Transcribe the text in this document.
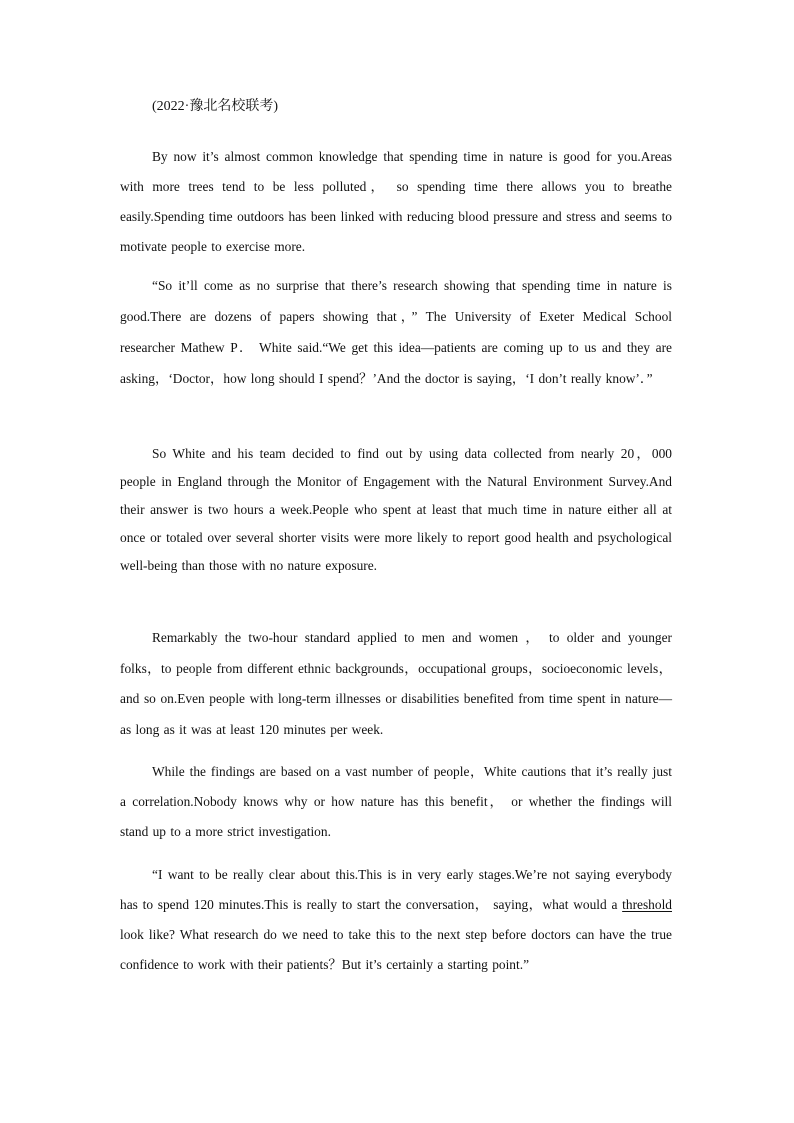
(2022·豫北名校联考)

By now it’s almost common knowledge that spending time in nature is good for you.Areas with more trees tend to be less polluted， so spending time there allows you to breathe easily.Spending time outdoors has been linked with reducing blood pressure and stress and seems to motivate people to exercise more.

“So it’ll come as no surprise that there’s research showing that spending time in nature is good.There are dozens of papers showing that，” The University of Exeter Medical School researcher Mathew P． White said.“We get this idea—patients are coming up to us and they are asking，‘Doctor，how long should I spend？’And the doctor is saying，‘I don’t really know’．”

So White and his team decided to find out by using data collected from nearly 20，000 people in England through the Monitor of Engagement with the Natural Environment Survey.And their answer is two hours a week.People who spent at least that much time in nature either all at once or totaled over several shorter visits were more likely to report good health and psychological well-being than those with no nature exposure.

Remarkably the two-hour standard applied to men and women ， to older and younger folks，to people from different ethnic backgrounds，occupational groups，socioeconomic levels， and so on.Even people with long-term illnesses or disabilities benefited from time spent in nature—as long as it was at least 120 minutes per week.

While the findings are based on a vast number of people，White cautions that it’s really just a correlation.Nobody knows why or how nature has this benefit， or whether the findings will stand up to a more strict investigation.

“I want to be really clear about this.This is in very early stages.We’re not saying everybody has to spend 120 minutes.This is really to start the conversation， saying，what would a threshold look like? What research do we need to take this to the next step before doctors can have the true confidence to work with their patients？But it’s certainly a starting point.”
